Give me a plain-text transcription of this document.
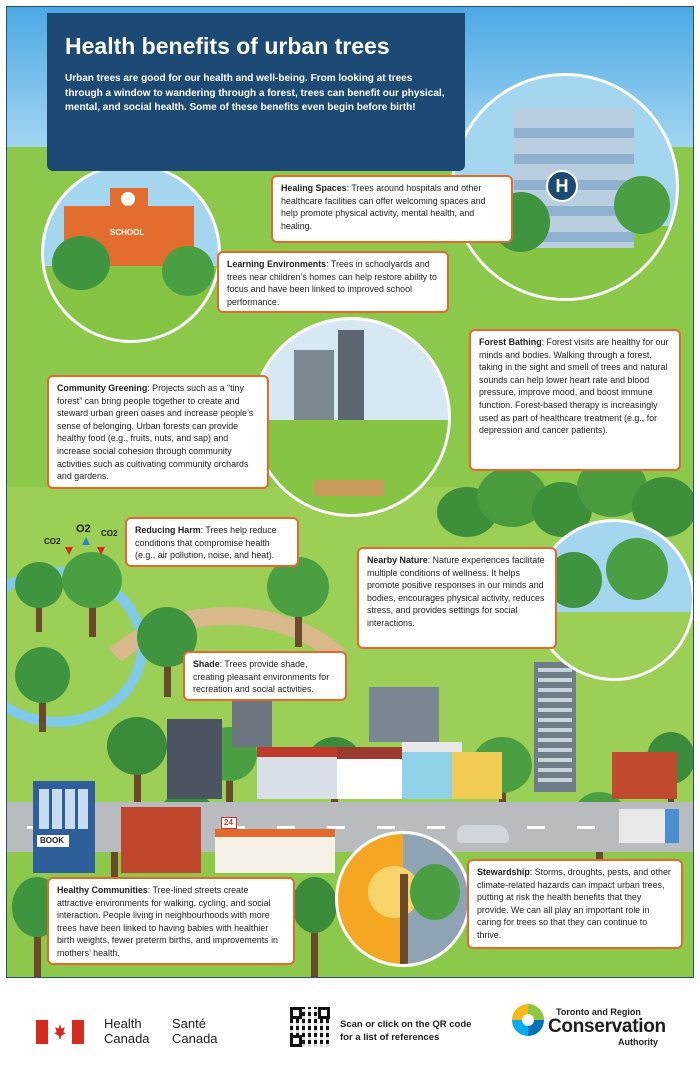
BOOK
24
CO2
O2 CO2
SCHOOL
H
Health benefits of urban trees

Urban trees are good for our health and well-being. From looking at trees through a window to wandering through a forest, trees can benefit our physical, mental, and social health. Some of these benefits even begin before birth!

Healing Spaces: Trees around hospitals and other healthcare facilities can offer welcoming spaces and help promote physical activity, mental health, and healing.
Learning Environments: Trees in schoolyards and trees near children’s homes can help restore ability to focus and have been linked to improved school performance.
Forest Bathing: Forest visits are healthy for our minds and bodies. Walking through a forest, taking in the sight and smell of trees and natural sounds can help lower heart rate and blood pressure, improve mood, and boost immune function. Forest-based therapy is increasingly used as part of healthcare treatment (e.g., for depression and cancer patients).
Community Greening: Projects such as a “tiny forest” can bring people together to create and steward urban green oases and increase people’s sense of belonging. Urban forests can provide healthy food (e.g., fruits, nuts, and sap) and increase social cohesion through community activities such as cultivating community orchards and gardens.
Reducing Harm: Trees help reduce conditions that compromise health (e.g., air pollution, noise, and heat).	Nearby Nature: Nature experiences facilitate multiple conditions of wellness. It helps promote positive responses in our minds and bodies, encourages physical activity, reduces stress, and provides settings for social interactions.
Shade: Trees provide shade, creating pleasant environments for recreation and social activities.
Healthy Communities: Tree-lined streets create attractive environments for walking, cycling, and social interaction. People living in neighbourhoods with more trees have been linked to having babies with healthier birth weights, fewer preterm births, and improvements in mothers’ health.
Stewardship: Storms, droughts, pests, and other climate-related hazards can impact urban trees, putting at risk the health benefits that they provide. We can all play an important role in caring for trees so that they can continue to thrive.
Health
Canada
Santé
Canada
Scan or click on the QR code
for a list of references
Toronto and Region
Conservation
Authority
